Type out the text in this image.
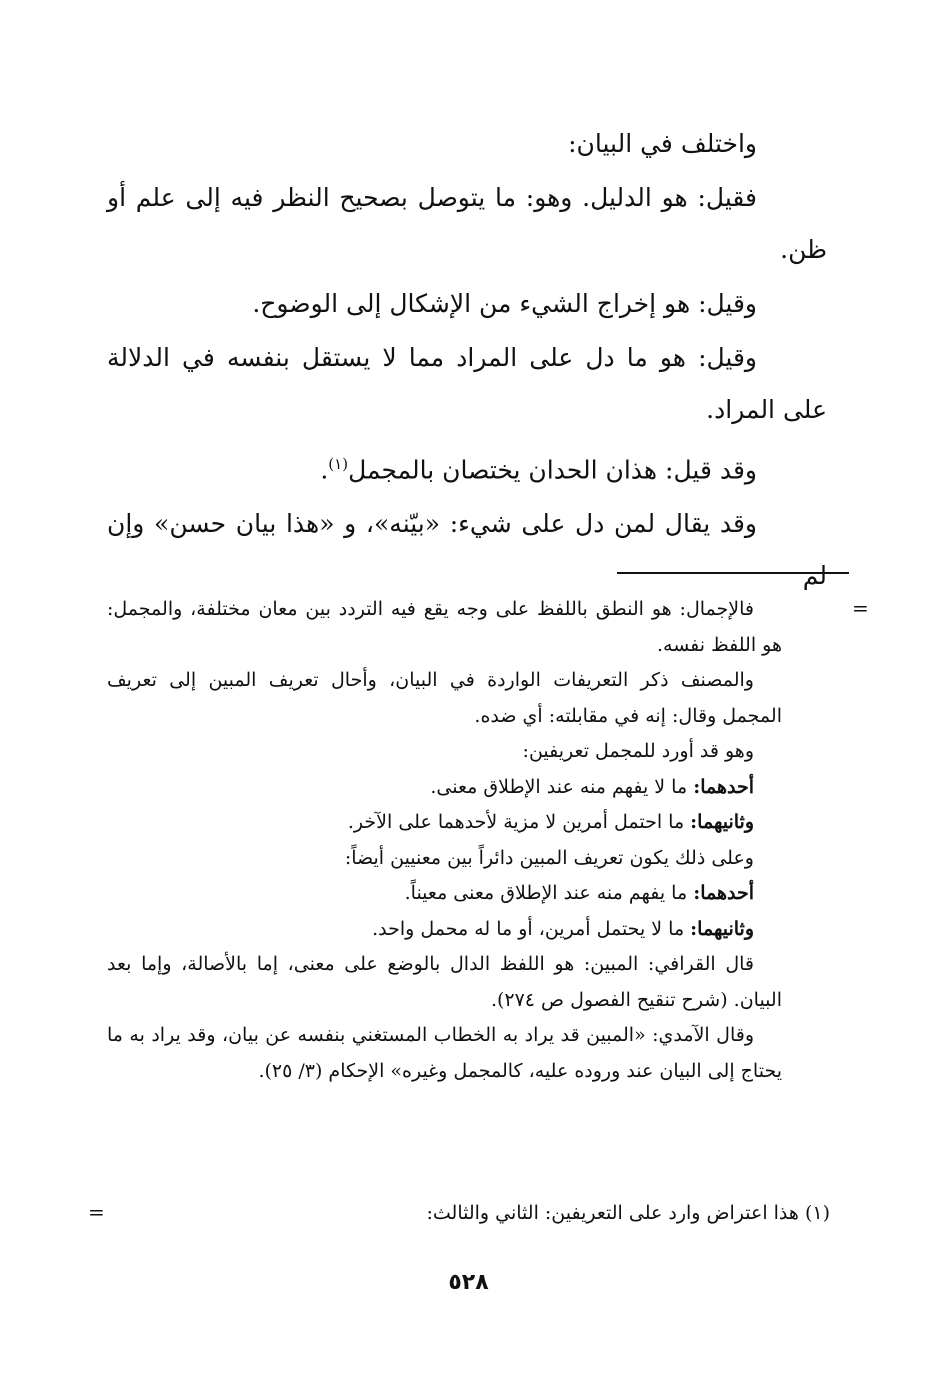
واختلف في البيان:

فقيل: هو الدليل. وهو: ما يتوصل بصحيح النظر فيه إلى علم أو ظن.

وقيل: هو إخراج الشيء من الإشكال إلى الوضوح.

وقيل: هو ما دل على المراد مما لا يستقل بنفسه في الدلالة على المراد.

وقد قيل: هذان الحدان يختصان بالمجمل$^{(١)}$.

وقد يقال لمن دل على شيء: «بيّنه»، و «هذا بيان حسن» وإن لم

=

فالإجمال: هو النطق باللفظ على وجه يقع فيه التردد بين معان مختلفة، والمجمل: هو اللفظ نفسه.

والمصنف ذكر التعريفات الواردة في البيان، وأحال تعريف المبين إلى تعريف المجمل وقال: إنه في مقابلته: أي ضده.

وهو قد أورد للمجمل تعريفين:

أحدهما: ما لا يفهم منه عند الإطلاق معنى.

وثانيهما: ما احتمل أمرين لا مزية لأحدهما على الآخر.

وعلى ذلك يكون تعريف المبين دائراً بين معنيين أيضاً:

أحدهما: ما يفهم منه عند الإطلاق معنى معيناً.

وثانيهما: ما لا يحتمل أمرين، أو ما له محمل واحد.

قال القرافي: المبين: هو اللفظ الدال بالوضع على معنى، إما بالأصالة، وإما بعد البيان. (شرح تنقيح الفصول ص ٢٧٤).

وقال الآمدي: «المبين قد يراد به الخطاب المستغني بنفسه عن بيان، وقد يراد به ما يحتاج إلى البيان عند وروده عليه، كالمجمل وغيره» الإحكام (٣/ ٢٥).

(١) هذا اعتراض وارد على التعريفين: الثاني والثالث:
=
٥٢٨
